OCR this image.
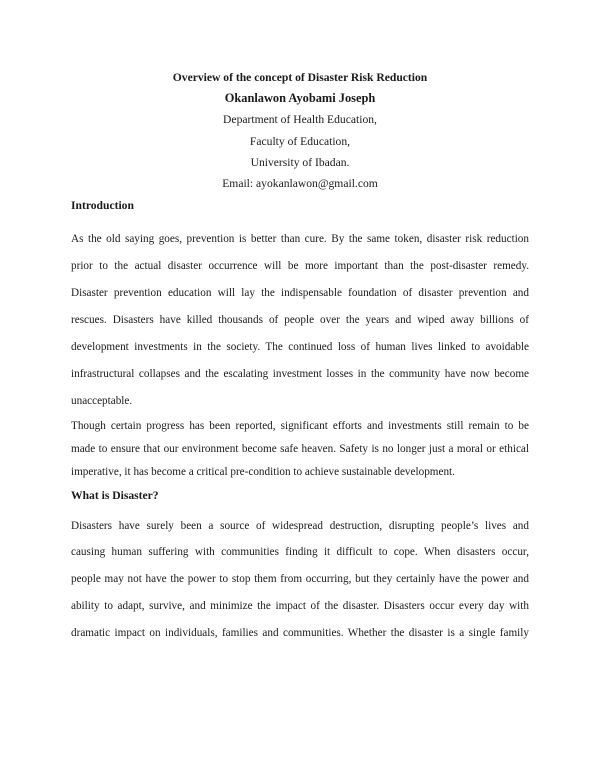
Overview of the concept of Disaster Risk Reduction
Okanlawon Ayobami Joseph
Department of Health Education,
Faculty of Education,
University of Ibadan.
Email: ayokanlawon@gmail.com
Introduction

As the old saying goes, prevention is better than cure. By the same token, disaster risk reduction
prior to the actual disaster occurrence will be more important than the post-disaster remedy.
Disaster prevention education will lay the indispensable foundation of disaster prevention and
rescues. Disasters have killed thousands of people over the years and wiped away billions of
development investments in the society. The continued loss of human lives linked to avoidable
infrastructural collapses and the escalating investment losses in the community have now become
unacceptable.

Though certain progress has been reported, significant efforts and investments still remain to be
made to ensure that our environment become safe heaven. Safety is no longer just a moral or ethical
imperative, it has become a critical pre-condition to achieve sustainable development.

What is Disaster?

Disasters have surely been a source of widespread destruction, disrupting people’s lives and
causing human suffering with communities finding it difficult to cope. When disasters occur,
people may not have the power to stop them from occurring, but they certainly have the power and
ability to adapt, survive, and minimize the impact of the disaster. Disasters occur every day with
dramatic impact on individuals, families and communities. Whether the disaster is a single family
